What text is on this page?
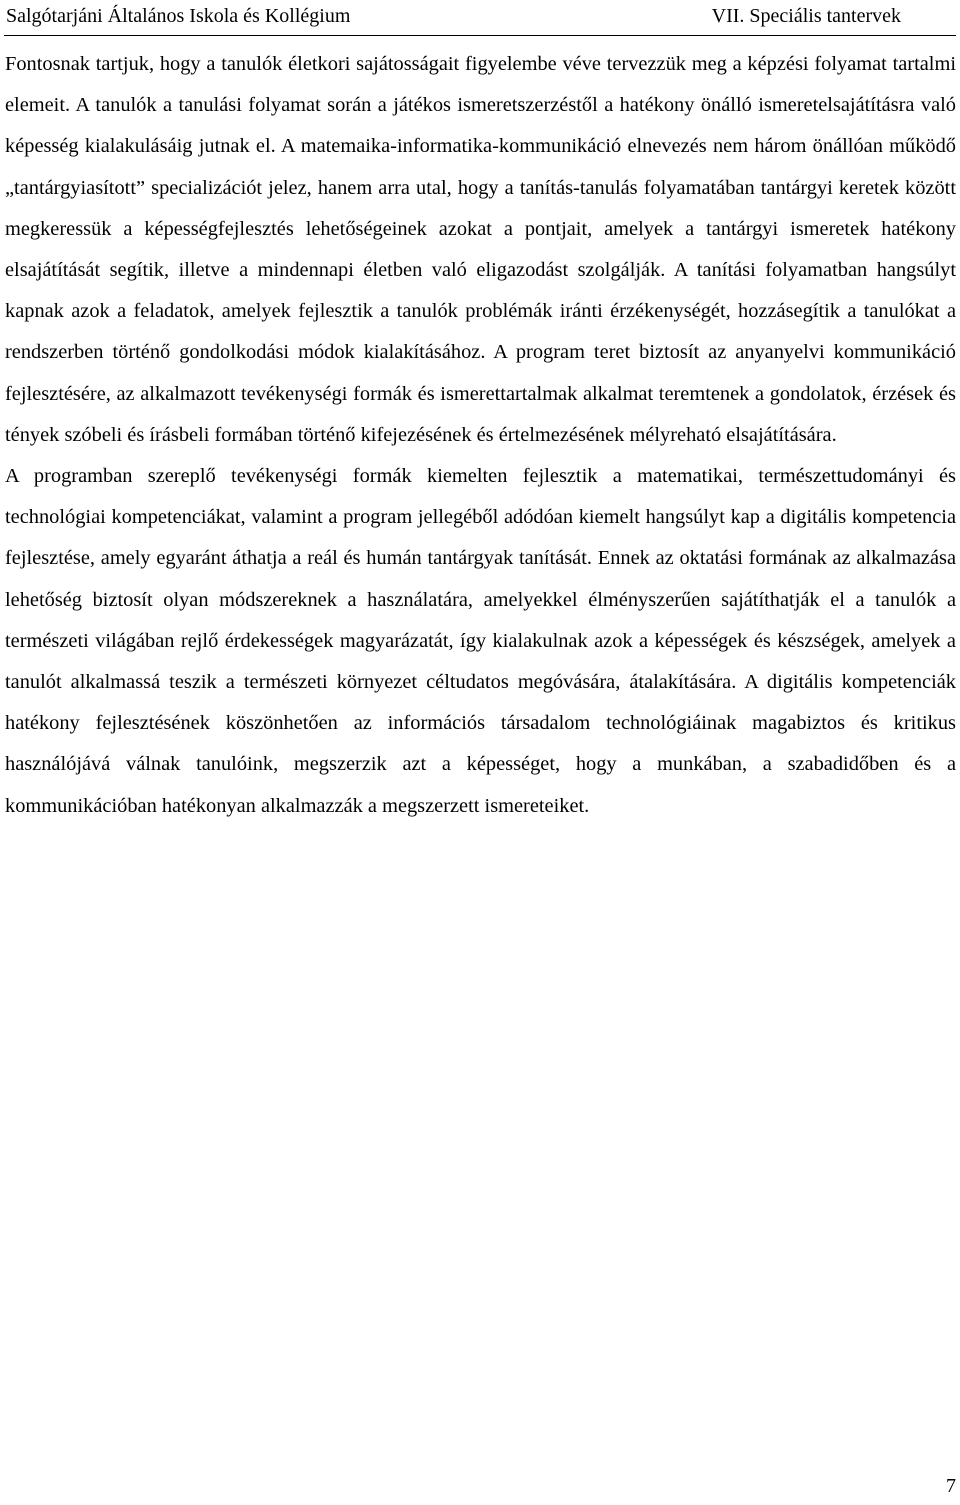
Salgótarjáni Általános Iskola és Kollégium	VII. Speciális tantervek

Fontosnak tartjuk, hogy a tanulók életkori sajátosságait figyelembe véve tervezzük meg a képzési folyamat tartalmi elemeit. A tanulók a tanulási folyamat során a játékos ismeretszerzéstől a hatékony önálló ismeretelsajátításra való képesség kialakulásáig jutnak el. A matemaika-informatika-kommunikáció elnevezés nem három önállóan működő „tantárgyiasított” specializációt jelez, hanem arra utal, hogy a tanítás-tanulás folyamatában tantárgyi keretek között megkeressük a képességfejlesztés lehetőségeinek azokat a pontjait, amelyek a tantárgyi ismeretek hatékony elsajátítását segítik, illetve a mindennapi életben való eligazodást szolgálják. A tanítási folyamatban hangsúlyt kapnak azok a feladatok, amelyek fejlesztik a tanulók problémák iránti érzékenységét, hozzásegítik a tanulókat a rendszerben történő gondolkodási módok kialakításához. A program teret biztosít az anyanyelvi kommunikáció fejlesztésére, az alkalmazott tevékenységi formák és ismerettartalmak alkalmat teremtenek a gondolatok, érzések és tények szóbeli és írásbeli formában történő kifejezésének és értelmezésének mélyreható elsajátítására.

A programban szereplő tevékenységi formák kiemelten fejlesztik a matematikai, természettudományi és technológiai kompetenciákat, valamint a program jellegéből adódóan kiemelt hangsúlyt kap a digitális kompetencia fejlesztése, amely egyaránt áthatja a reál és humán tantárgyak tanítását. Ennek az oktatási formának az alkalmazása lehetőség biztosít olyan módszereknek a használatára, amelyekkel élményszerűen sajátíthatják el a tanulók a természeti világában rejlő érdekességek magyarázatát, így kialakulnak azok a képességek és készségek, amelyek a tanulót alkalmassá teszik a természeti környezet céltudatos megóvására, átalakítására. A digitális kompetenciák hatékony fejlesztésének köszönhetően az információs társadalom technológiáinak magabiztos és kritikus használójává válnak tanulóink, megszerzik azt a képességet, hogy a munkában, a szabadidőben és a kommunikációban hatékonyan alkalmazzák a megszerzett ismereteiket.

7
